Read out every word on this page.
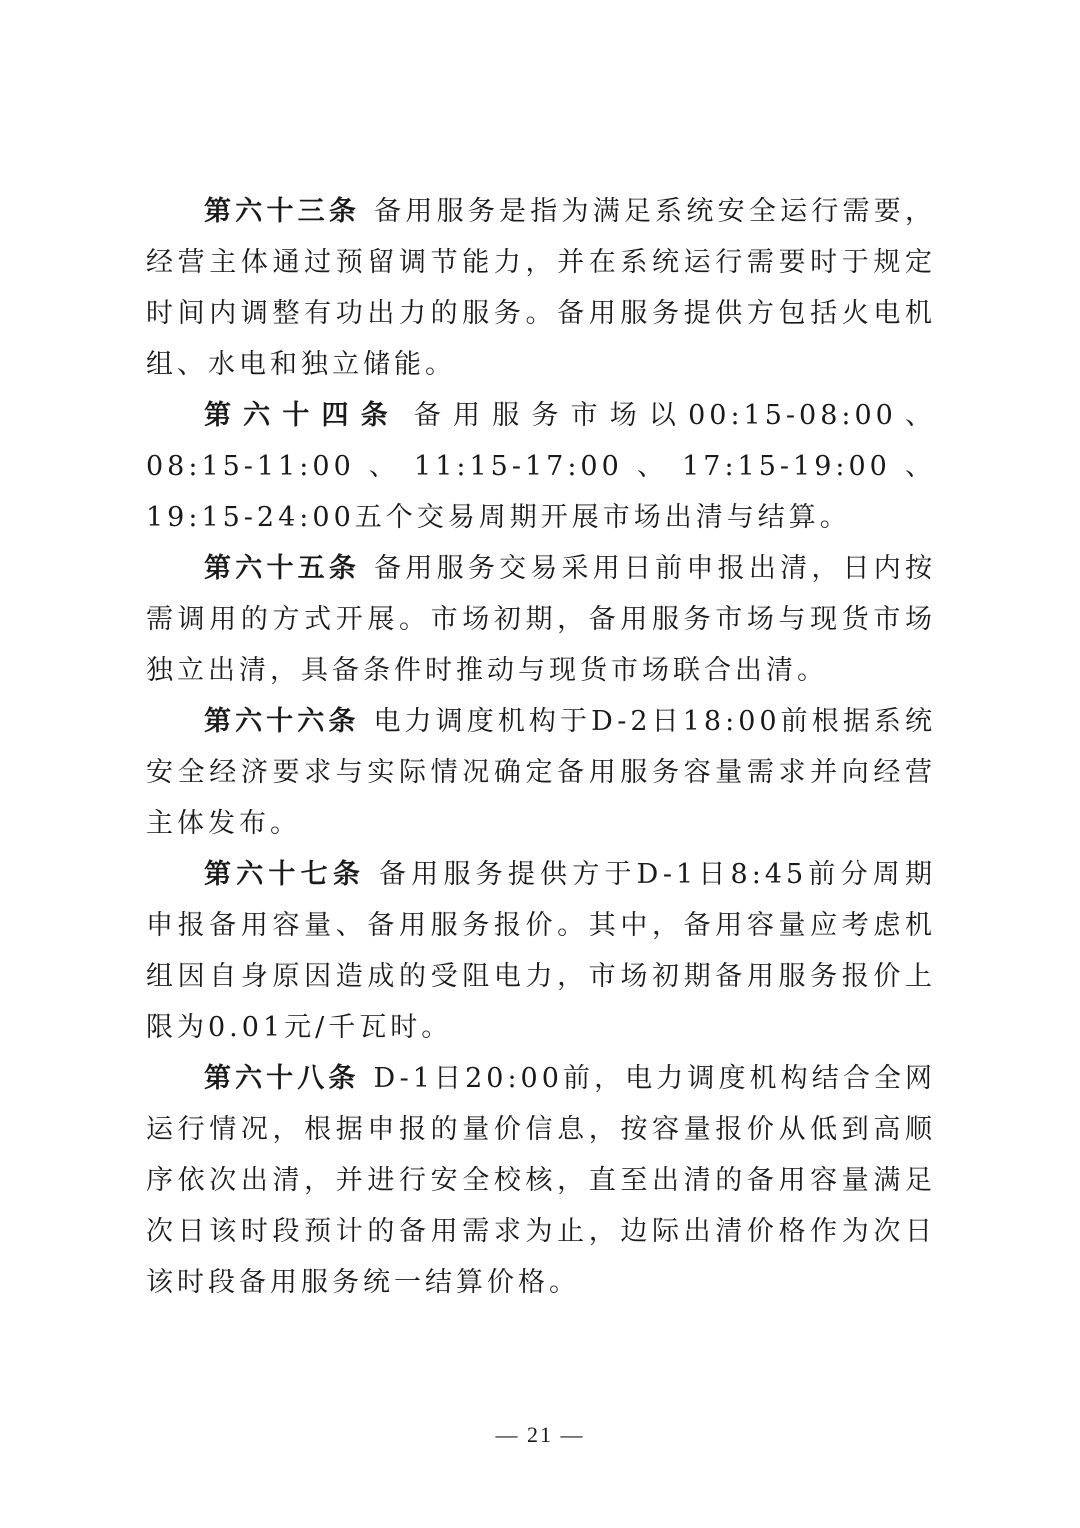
第六十三条 备用服务是指为满足系统安全运行需要，经营主体通过预留调节能力，并在系统运行需要时于规定时间内调整有功出力的服务。备用服务提供方包括火电机组、水电和独立储能。

第六十四条 备用服务市场以00:15-08:00、08:15-11:00、11:15-17:00、17:15-19:00、19:15-24:00五个交易周期开展市场出清与结算。

第六十五条 备用服务交易采用日前申报出清，日内按需调用的方式开展。市场初期，备用服务市场与现货市场独立出清，具备条件时推动与现货市场联合出清。

第六十六条 电力调度机构于D-2日18:00前根据系统安全经济要求与实际情况确定备用服务容量需求并向经营主体发布。

第六十七条 备用服务提供方于D-1日8:45前分周期申报备用容量、备用服务报价。其中，备用容量应考虑机组因自身原因造成的受阻电力，市场初期备用服务报价上限为0.01元/千瓦时。

第六十八条 D-1日20:00前，电力调度机构结合全网运行情况，根据申报的量价信息，按容量报价从低到高顺序依次出清，并进行安全校核，直至出清的备用容量满足次日该时段预计的备用需求为止，边际出清价格作为次日该时段备用服务统一结算价格。

— 21 —
